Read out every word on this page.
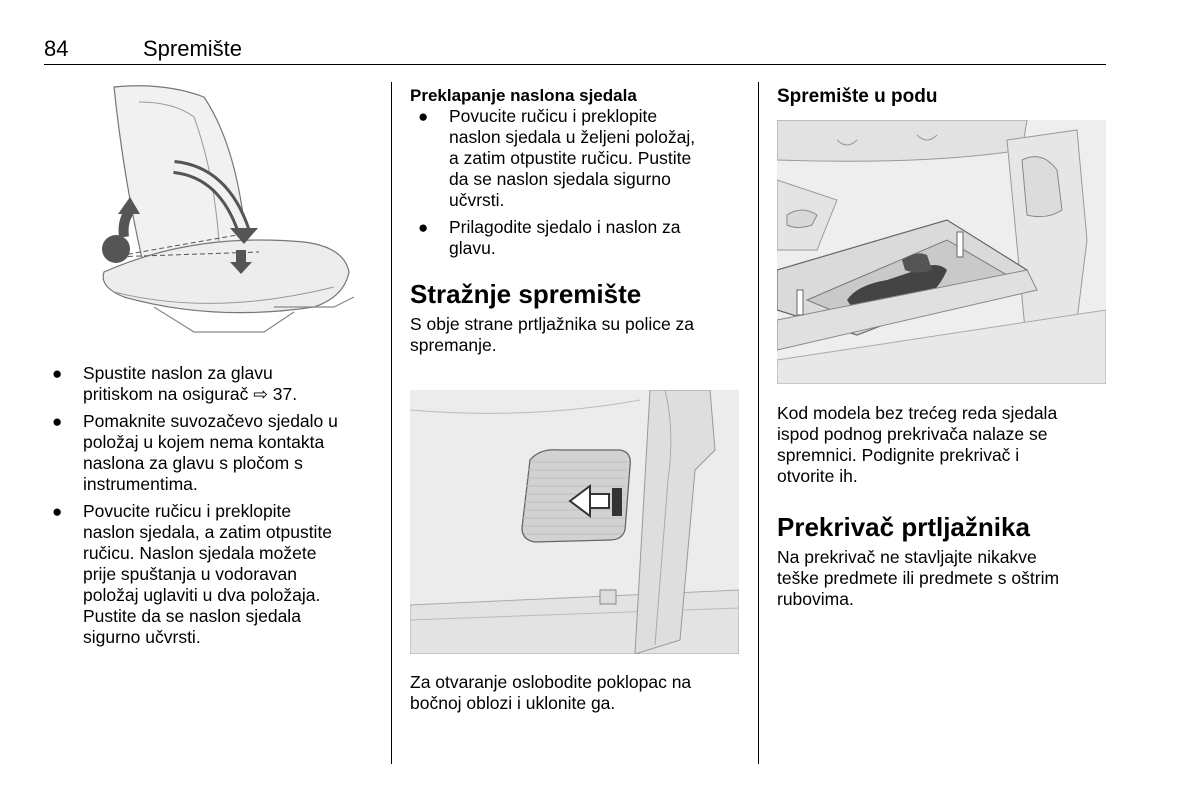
84	Spremište
● Spustite naslon za glavu
pritiskom na osigurač ⇨ 37.
● Pomaknite suvozačevo sjedalo u
položaj u kojem nema kontakta
naslona za glavu s pločom s
instrumentima.
● Povucite ručicu i preklopite
naslon sjedala, a zatim otpustite
ručicu. Naslon sjedala možete
prije spuštanja u vodoravan
položaj uglaviti u dva položaja.
Pustite da se naslon sjedala
sigurno učvrsti.
Preklapanje naslona sjedala
● Povucite ručicu i preklopite
naslon sjedala u željeni položaj,
a zatim otpustite ručicu. Pustite
da se naslon sjedala sigurno
učvrsti.
● Prilagodite sjedalo i naslon za
glavu.
Stražnje spremište
S obje strane prtljažnika su police za
spremanje.
Za otvaranje oslobodite poklopac na
bočnoj oblozi i uklonite ga.
Spremište u podu
Kod modela bez trećeg reda sjedala
ispod podnog prekrivača nalaze se
spremnici. Podignite prekrivač i
otvorite ih.
Prekrivač prtljažnika
Na prekrivač ne stavljajte nikakve
teške predmete ili predmete s oštrim
rubovima.
